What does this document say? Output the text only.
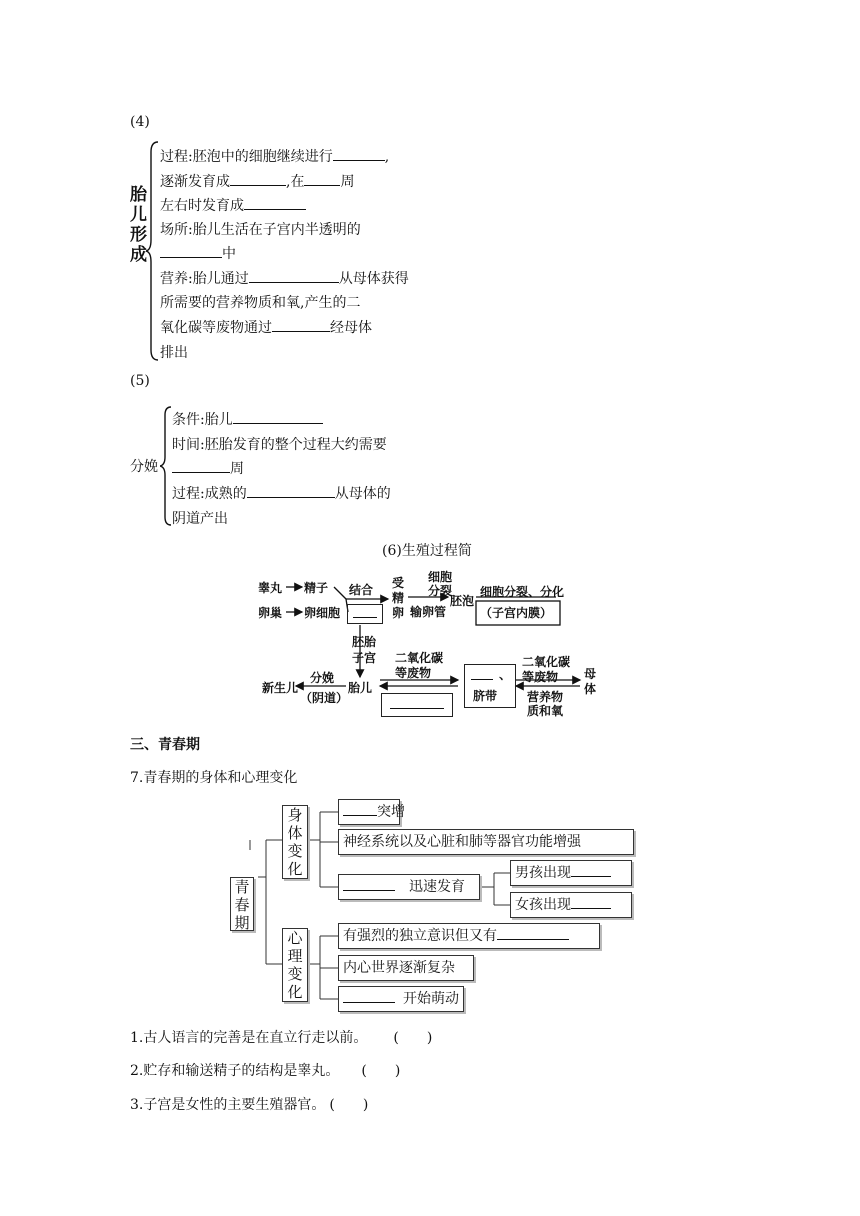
(4)
胎
儿
形
成
过程:胚泡中的细胞继续进行	,
逐渐发育成	,在	周
左右时发育成
场所:胎儿生活在子宫内半透明的
中
营养:胎儿通过	从母体获得
所需要的营养物质和氧,产生的二
氧化碳等废物通过	经母体
排出
(5)
分娩
条件:胎儿
时间:胚胎发育的整个过程大约需要
周
过程:成熟的	从母体的
阴道产出
(6)生殖过程简
睾丸 精子
卵巢 卵细胞
结合 受
精
卵
细胞
分裂
输卵管
胚泡
细胞分裂、分化
（子宫内膜）
胚胎
子宫
胎儿
新生儿
分娩
（阴道）
二氧化碳
等废物
脐带
、
二氧化碳
等废物
营养物
质和氧
母
体
三、青春期
7.青春期的身体和心理变化
青
春
期
身
体
变
化
心
理
变
化
突增
神经系统以及心脏和肺等器官功能增强
迅速发育
男孩出现
女孩出现
有强烈的独立意识但又有
内心世界逐渐复杂
开始萌动
1.古人语言的完善是在直立行走以前。 (　　)
2.贮存和输送精子的结构是睾丸。 (　　)
3.子宫是女性的主要生殖器官。 (　　)
